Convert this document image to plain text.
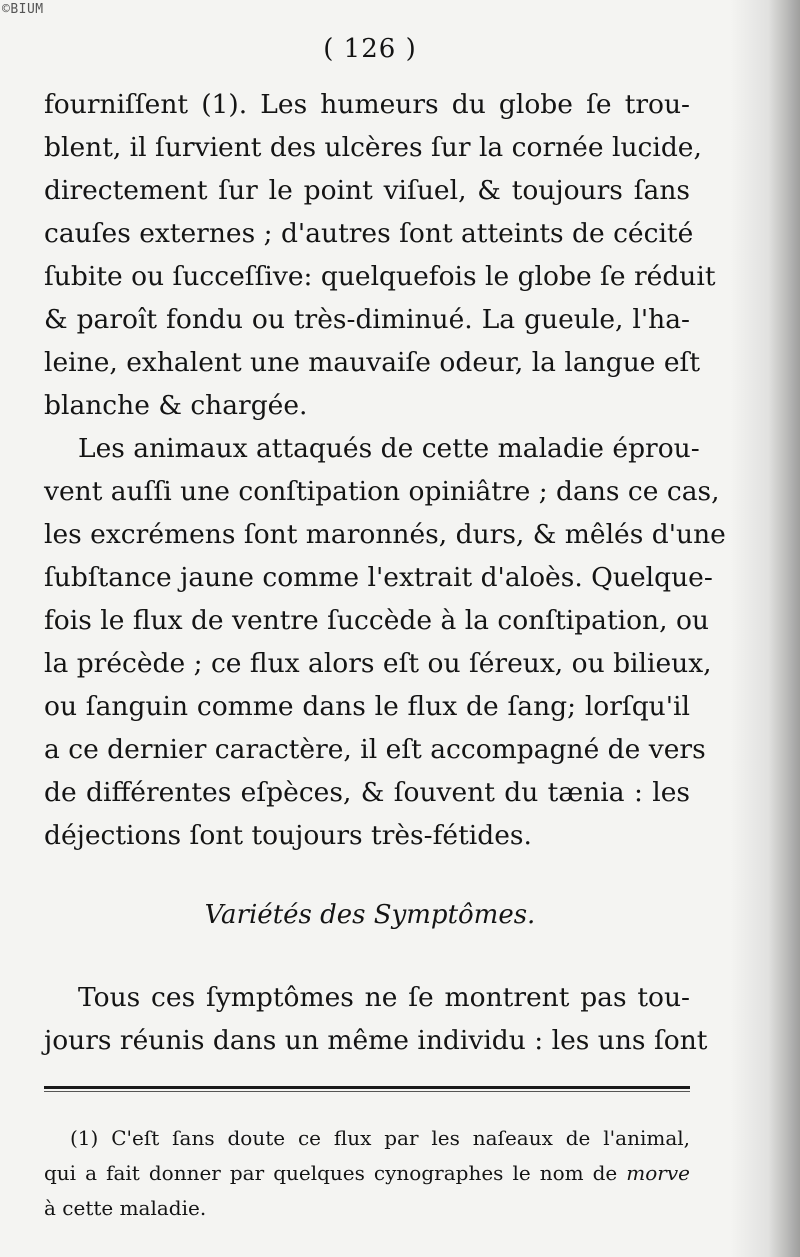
©BIUM
( 126 )
fourniſſent (1). Les humeurs du globe ſe trou-
blent, il ſurvient des ulcères ſur la cornée lucide,
directement ſur le point viſuel, & toujours ſans
cauſes externes ; d'autres ſont atteints de cécité
ſubite ou ſucceſſive: quelquefois le globe ſe réduit
& paroît fondu ou très-diminué. La gueule, l'ha-
leine, exhalent une mauvaiſe odeur, la langue eſt
blanche & chargée.
Les animaux attaqués de cette maladie éprou-
vent auſſi une conſtipation opiniâtre ; dans ce cas,
les excrémens ſont maronnés, durs, & mêlés d'une
ſubſtance jaune comme l'extrait d'aloès. Quelque-
fois le flux de ventre ſuccède à la conſtipation, ou
la précède ; ce flux alors eſt ou ſéreux, ou bilieux,
ou ſanguin comme dans le flux de ſang; lorſqu'il
a ce dernier caractère, il eſt accompagné de vers
de différentes eſpèces, & ſouvent du tænia : les
déjections ſont toujours très-fétides.
Variétés des Symptômes.
Tous ces ſymptômes ne ſe montrent pas tou-
jours réunis dans un même individu : les uns ſont
(1) C'eſt ſans doute ce flux par les naſeaux de l'animal,
qui a fait donner par quelques cynographes le nom de morve
à cette maladie.
